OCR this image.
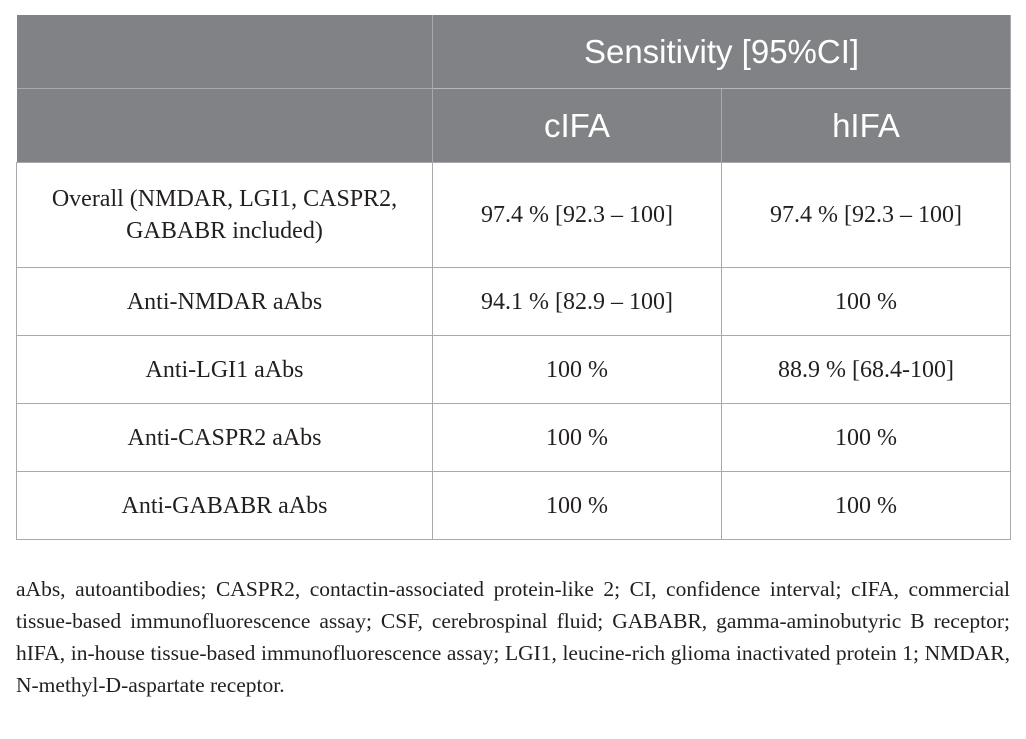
	Sensitivity [95%CI]	
	cIFA	hIFA
Overall (NMDAR, LGI1, CASPR2, GABABR included)	97.4 % [92.3 – 100]	97.4 % [92.3 – 100]
Anti-NMDAR aAbs	94.1 % [82.9 – 100]	100 %
Anti-LGI1 aAbs	100 %	88.9 % [68.4-100]
Anti-CASPR2 aAbs	100 %	100 %
Anti-GABABR aAbs	100 %	100 %

aAbs, autoantibodies; CASPR2, contactin-associated protein-like 2; CI, confidence interval; cIFA, commercial tissue-based immunofluorescence assay; CSF, cerebrospinal fluid; GABABR, gamma-aminobutyric B receptor; hIFA, in-house tissue-based immunofluorescence assay; LGI1, leucine-rich glioma inactivated protein 1; NMDAR, N-methyl-D-aspartate receptor.
